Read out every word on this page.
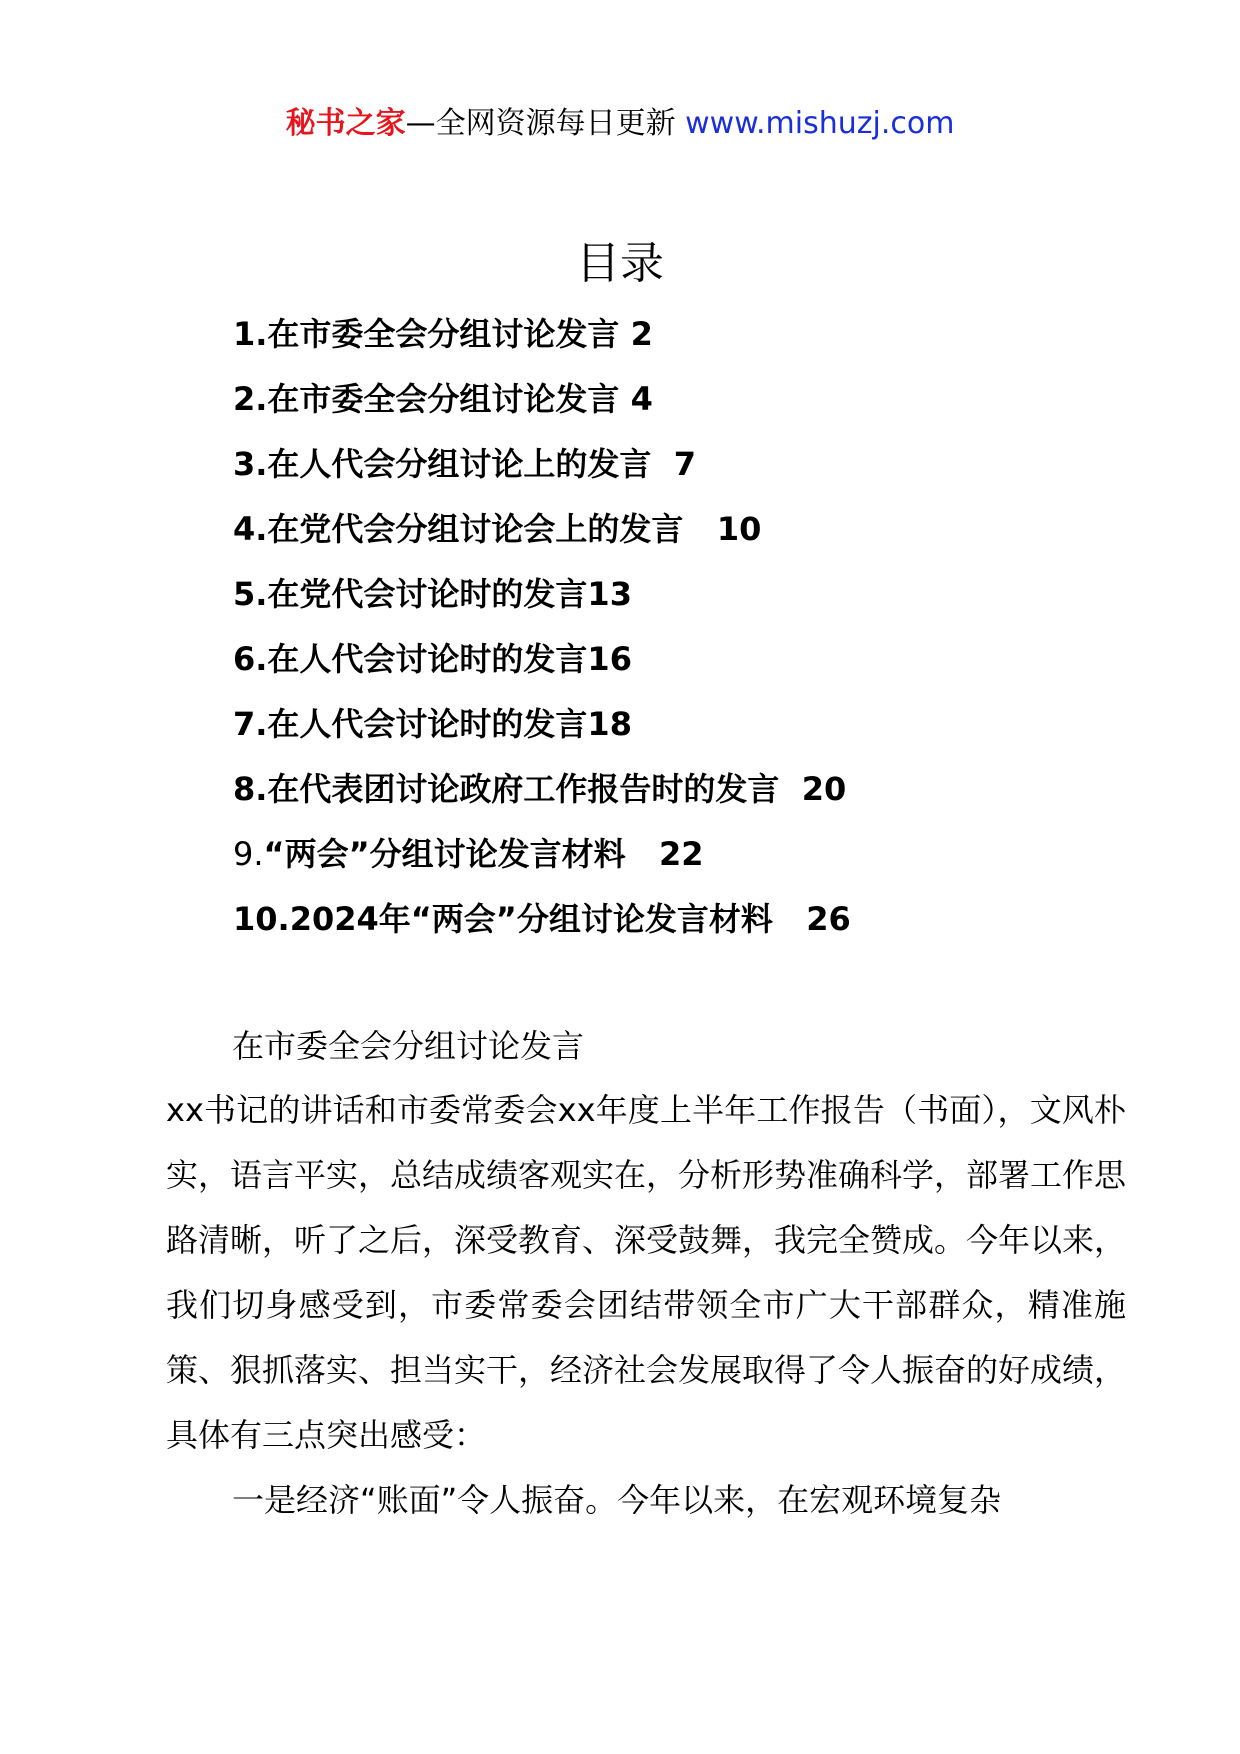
秘书之家—全网资源每日更新 www.mishuzj.com
目录
1.在市委全会分组讨论发言 2
2.在市委全会分组讨论发言 4
3.在人代会分组讨论上的发言  7
4.在党代会分组讨论会上的发言   10
5.在党代会讨论时的发言13
6.在人代会讨论时的发言16
7.在人代会讨论时的发言18
8.在代表团讨论政府工作报告时的发言  20
9.“两会”分组讨论发言材料   22
10.2024年“两会”分组讨论发言材料   26
在市委全会分组讨论发言

xx书记的讲话和市委常委会xx年度上半年工作报告（书面），文风朴实，语言平实，总结成绩客观实在，分析形势准确科学，部署工作思路清晰，听了之后，深受教育、深受鼓舞，我完全赞成。今年以来，我们切身感受到，市委常委会团结带领全市广大干部群众，精准施策、狠抓落实、担当实干，经济社会发展取得了令人振奋的好成绩，具体有三点突出感受：

一是经济“账面”令人振奋。今年以来，在宏观环境复杂
